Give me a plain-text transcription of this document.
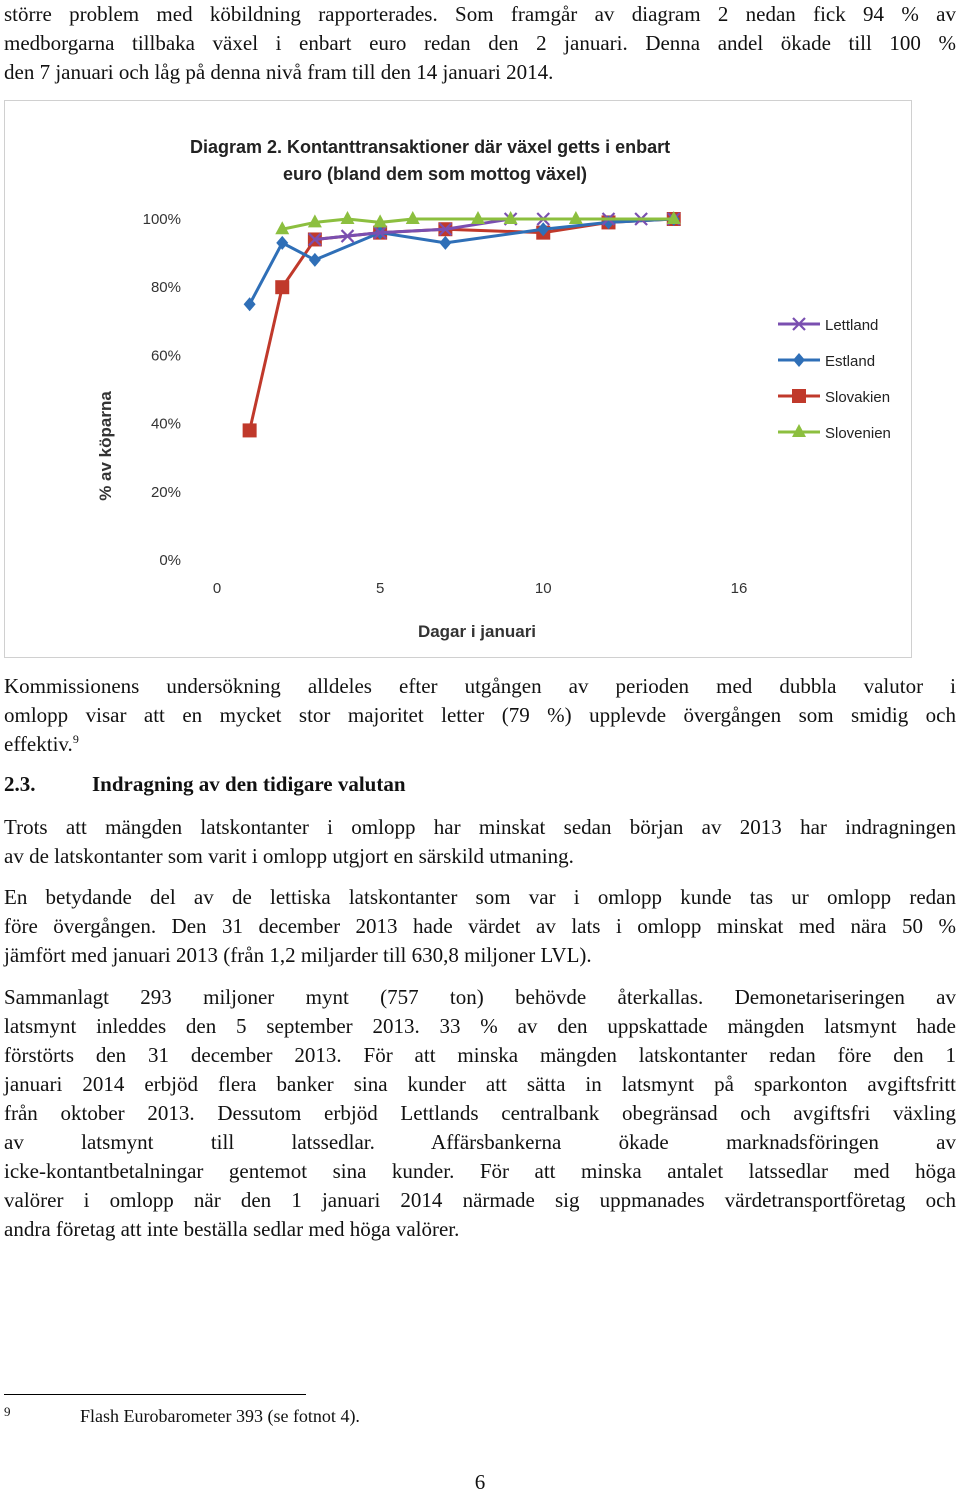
större problem med köbildning rapporterades. Som framgår av diagram 2 nedan fick 94 % av

medborgarna tillbaka växel i enbart euro redan den 2 januari. Denna andel ökade till 100 %

den 7 januari och låg på denna nivå fram till den 14 januari 2014.

Diagram 2. Kontanttransaktioner där växel getts i enbart
euro (bland dem som mottog växel)
0%
20%
40%
60%
80%
100%
0	5	10	16
% av köparna
Dagar i januari
Lettland
Estland
Slovakien
Slovenien

Kommissionens undersökning alldeles efter utgången av perioden med dubbla valutor i

omlopp visar att en mycket stor majoritet letter (79 %) upplevde övergången som smidig och

effektiv.$^9$

2.3.	Indragning av den tidigare valutan

Trots att mängden latskontanter i omlopp har minskat sedan början av 2013 har indragningen

av de latskontanter som varit i omlopp utgjort en särskild utmaning.

En betydande del av de lettiska latskontanter som var i omlopp kunde tas ur omlopp redan

före övergången. Den 31 december 2013 hade värdet av lats i omlopp minskat med nära 50 %

jämfört med januari 2013 (från 1,2 miljarder till 630,8 miljoner LVL).

Sammanlagt 293 miljoner mynt (757 ton) behövde återkallas. Demonetariseringen av

latsmynt inleddes den 5 september 2013. 33 % av den uppskattade mängden latsmynt hade

förstörts den 31 december 2013. För att minska mängden latskontanter redan före den 1

januari 2014 erbjöd flera banker sina kunder att sätta in latsmynt på sparkonton avgiftsfritt

från oktober 2013. Dessutom erbjöd Lettlands centralbank obegränsad och avgiftsfri växling

av latsmynt till latssedlar. Affärsbankerna ökade marknadsföringen av

icke-kontantbetalningar gentemot sina kunder. För att minska antalet latssedlar med höga

valörer i omlopp när den 1 januari 2014 närmade sig uppmanades värdetransportföretag och

andra företag att inte beställa sedlar med höga valörer.

9	Flash Eurobarometer 393 (se fotnot 4).
6
